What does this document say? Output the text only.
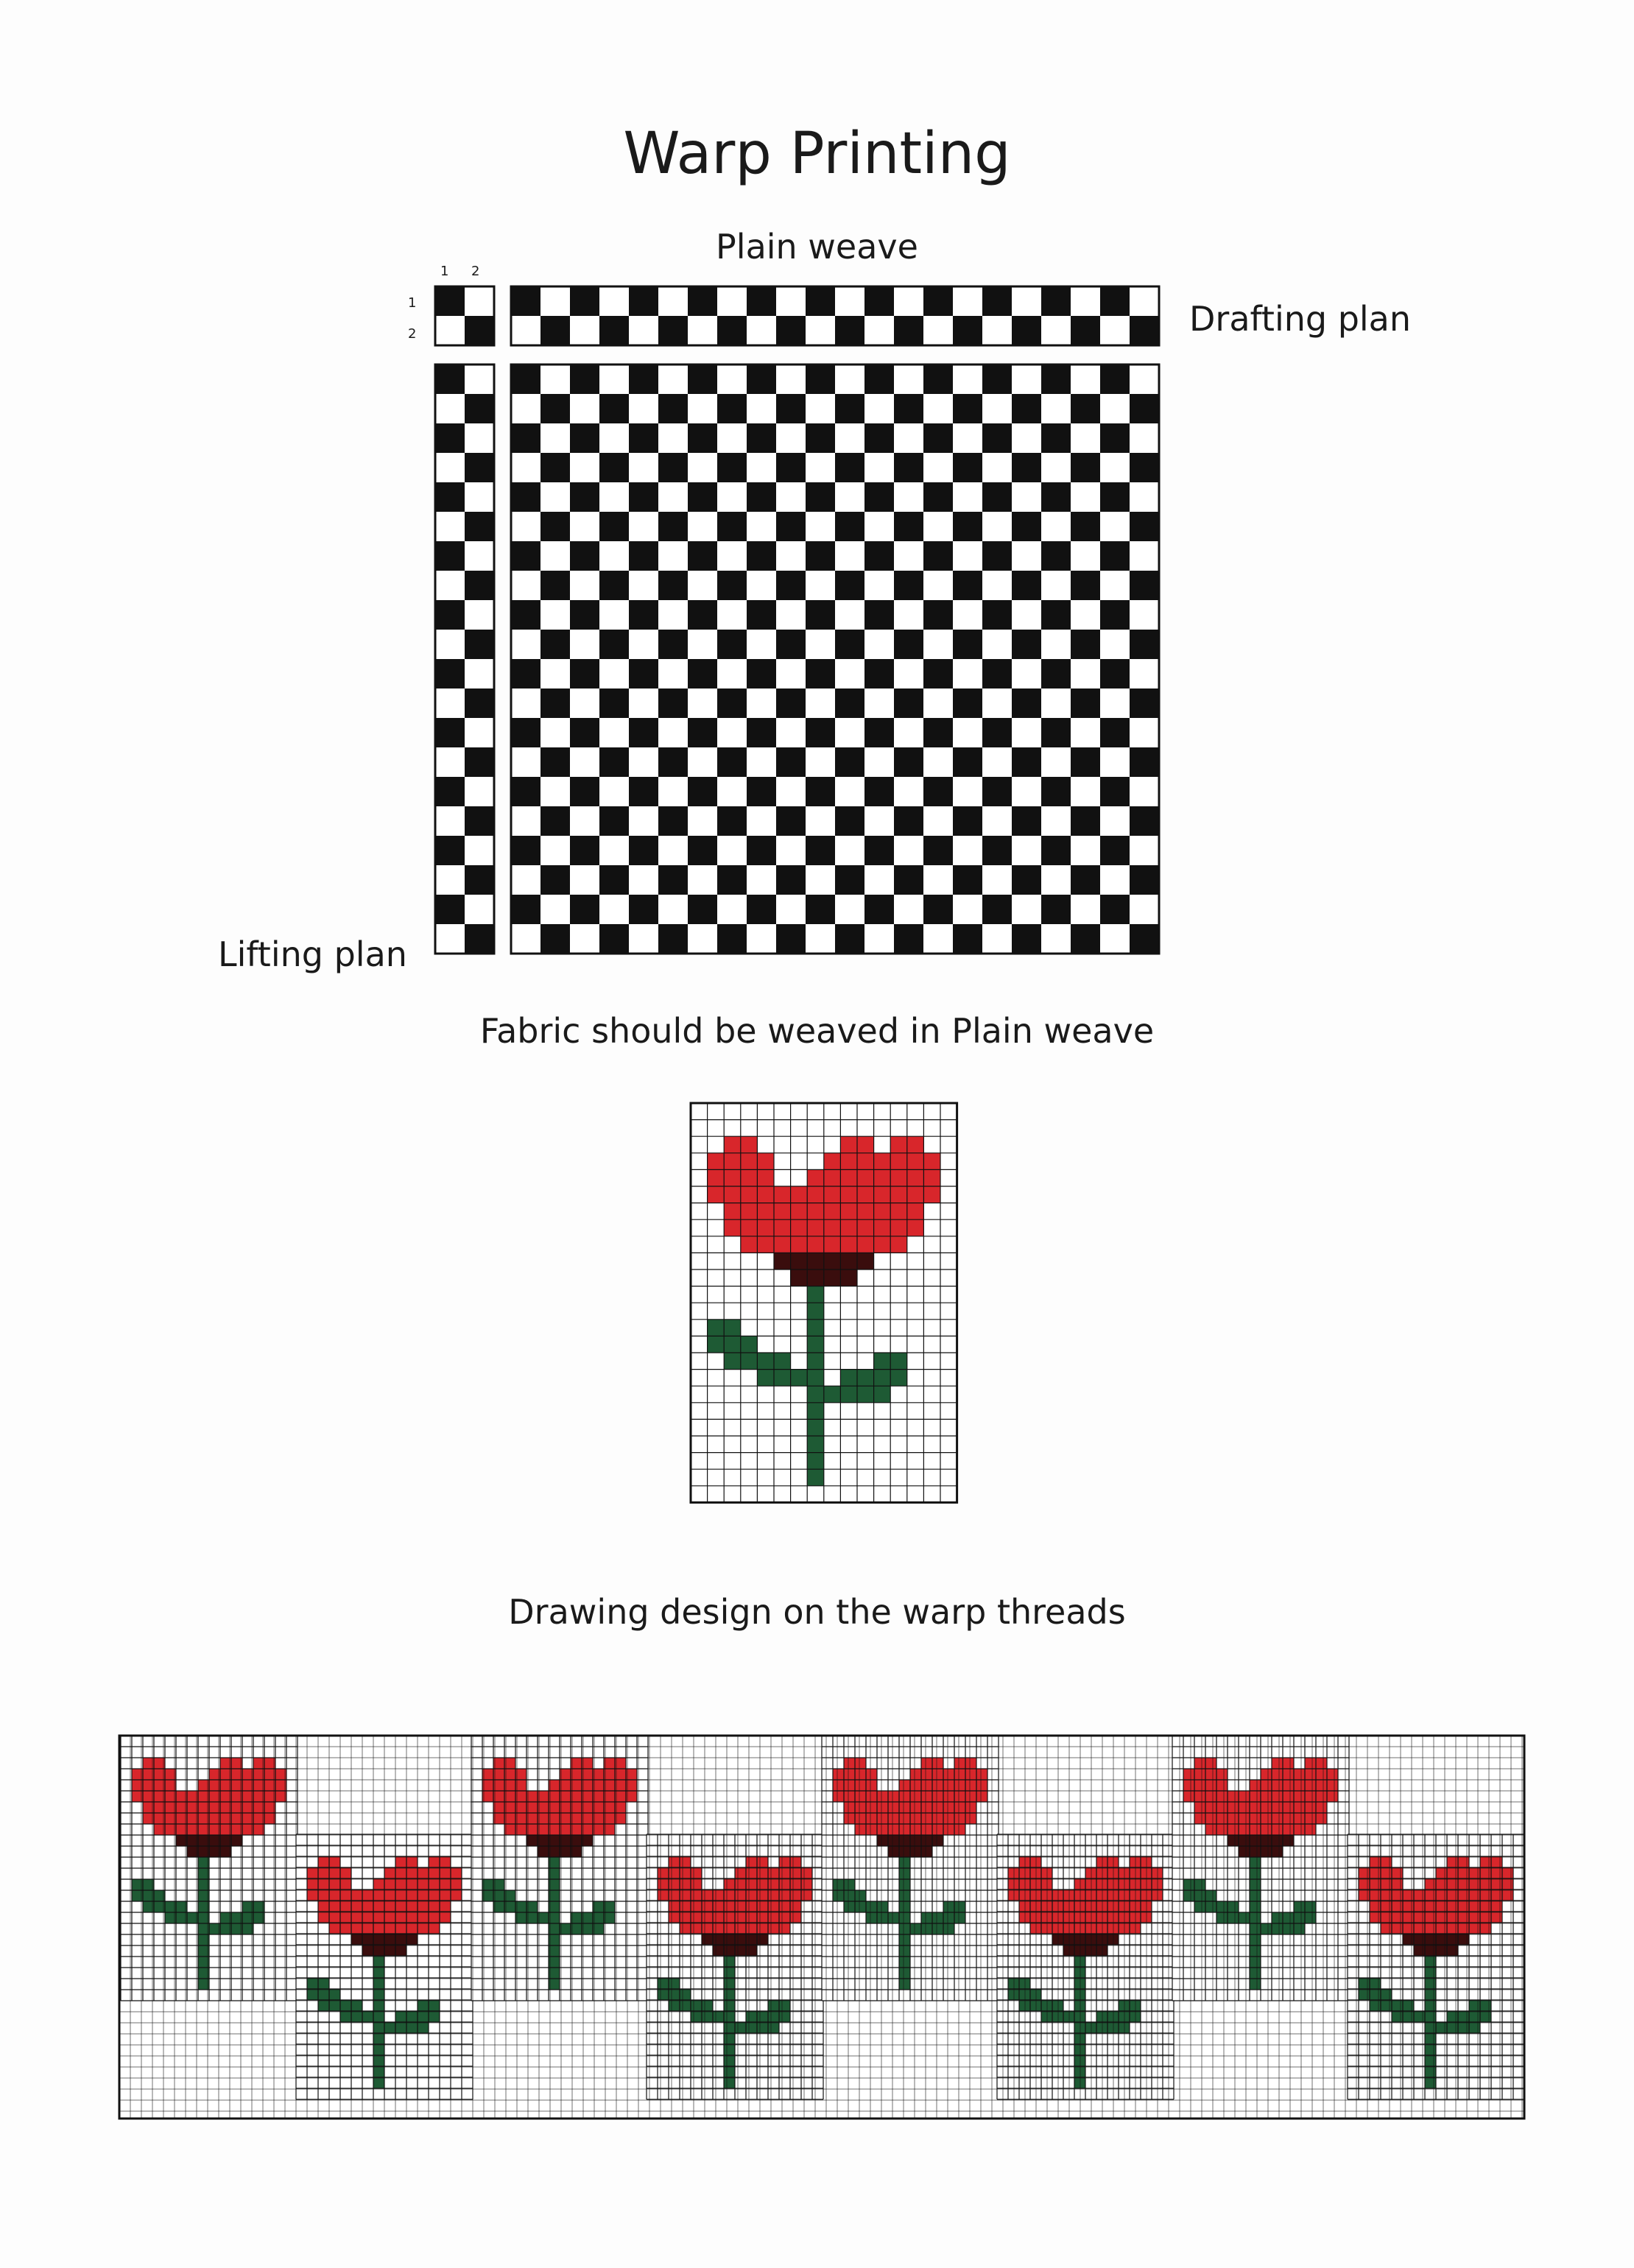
Warp Printing
Plain weave
Drafting plan
Lifting plan
Fabric should be weaved in Plain weave
Drawing design on the warp threads
1 2
1
2
